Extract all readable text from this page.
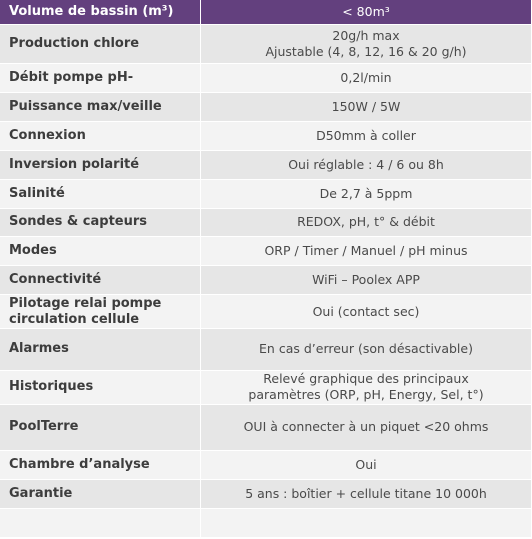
Volume de bassin (m³)	< 80m³
Production chlore	20g/h max
Ajustable (4, 8, 12, 16 & 20 g/h)
Débit pompe pH-	0,2l/min
Puissance max/veille	150W / 5W
Connexion	D50mm à coller
Inversion polarité	Oui réglable : 4 / 6 ou 8h
Salinité	De 2,7 à 5ppm
Sondes & capteurs	REDOX, pH, t° & débit
Modes	ORP / Timer / Manuel / pH minus
Connectivité	WiFi – Poolex APP
Pilotage relai pompe
circulation cellule	Oui (contact sec)
Alarmes	En cas d’erreur (son désactivable)
Historiques	Relevé graphique des principaux
paramètres (ORP, pH, Energy, Sel, t°)
PoolTerre	OUI à connecter à un piquet <20 ohms
Chambre d’analyse	Oui
Garantie	5 ans : boîtier + cellule titane 10 000h
